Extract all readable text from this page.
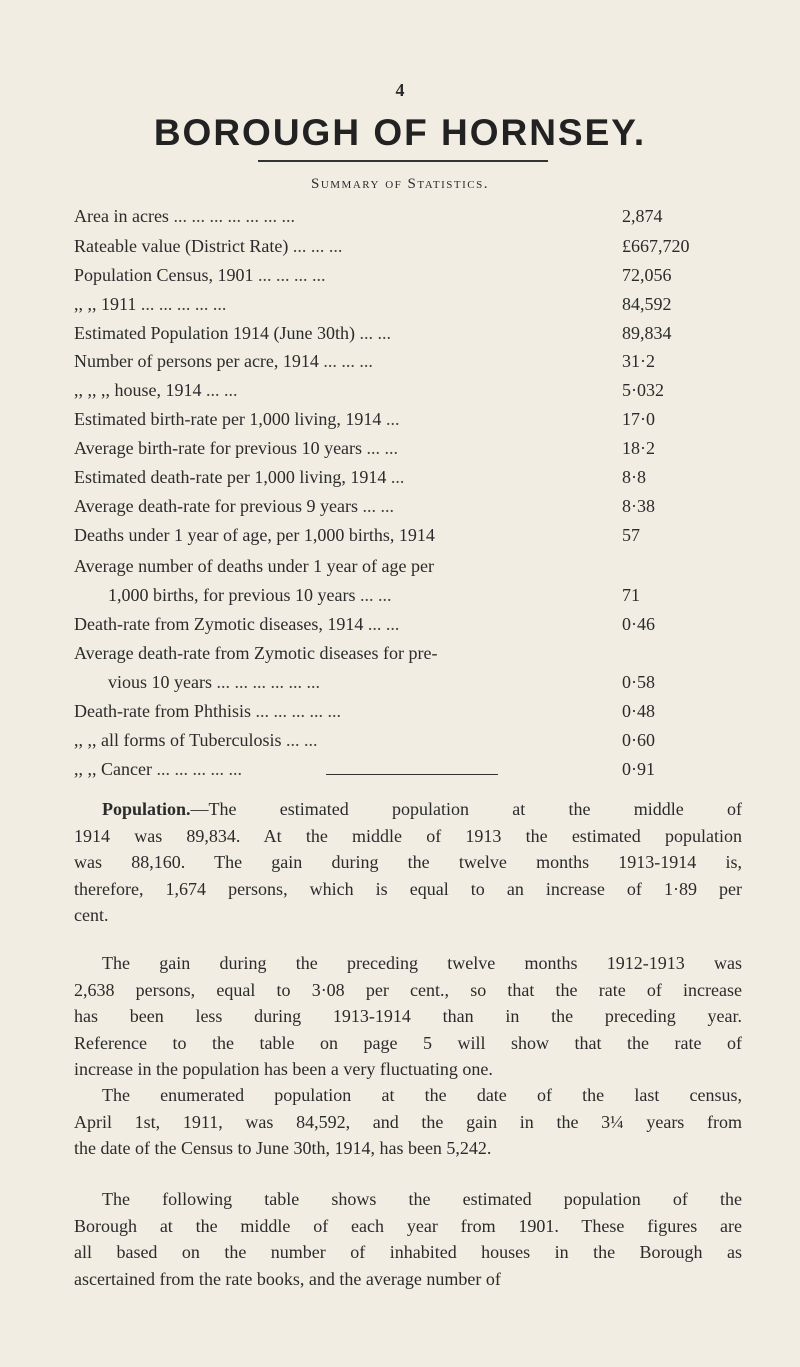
4
BOROUGH OF HORNSEY.
Summary of Statistics.
Area in acres ... ... ... ... ... ... ...	2,874
Rateable value (District Rate) ... ... ...	£667,720
Population Census, 1901 ... ... ... ...	72,056
,, ,, 1911 ... ... ... ... ...	84,592
Estimated Population 1914 (June 30th) ... ...	89,834
Number of persons per acre, 1914 ... ... ...	31·2
,, ,, ,, house, 1914 ... ...	5·032
Estimated birth-rate per 1,000 living, 1914 ...	17·0
Average birth-rate for previous 10 years ... ...	18·2
Estimated death-rate per 1,000 living, 1914 ...	8·8
Average death-rate for previous 9 years ... ...	8·38
Deaths under 1 year of age, per 1,000 births, 1914	57
Average number of deaths under 1 year of age per
1,000 births, for previous 10 years ... ...	71
Death-rate from Zymotic diseases, 1914 ... ...	0·46
Average death-rate from Zymotic diseases for pre-
vious 10 years ... ... ... ... ... ...	0·58
Death-rate from Phthisis ... ... ... ... ...	0·48
,, ,, all forms of Tuberculosis ... ...	0·60
,, ,, Cancer ... ... ... ... ...	0·91
Population.—The estimated population at the middle of
1914 was 89,834. At the middle of 1913 the estimated population
was 88,160. The gain during the twelve months 1913-1914 is,
therefore, 1,674 persons, which is equal to an increase of 1·89 per
cent.
The gain during the preceding twelve months 1912-1913 was
2,638 persons, equal to 3·08 per cent., so that the rate of increase
has been less during 1913-1914 than in the preceding year.
Reference to the table on page 5 will show that the rate of
increase in the population has been a very fluctuating one.
The enumerated population at the date of the last census,
April 1st, 1911, was 84,592, and the gain in the 3¼ years from
the date of the Census to June 30th, 1914, has been 5,242.
The following table shows the estimated population of the
Borough at the middle of each year from 1901. These figures are
all based on the number of inhabited houses in the Borough as
ascertained from the rate books, and the average number of
